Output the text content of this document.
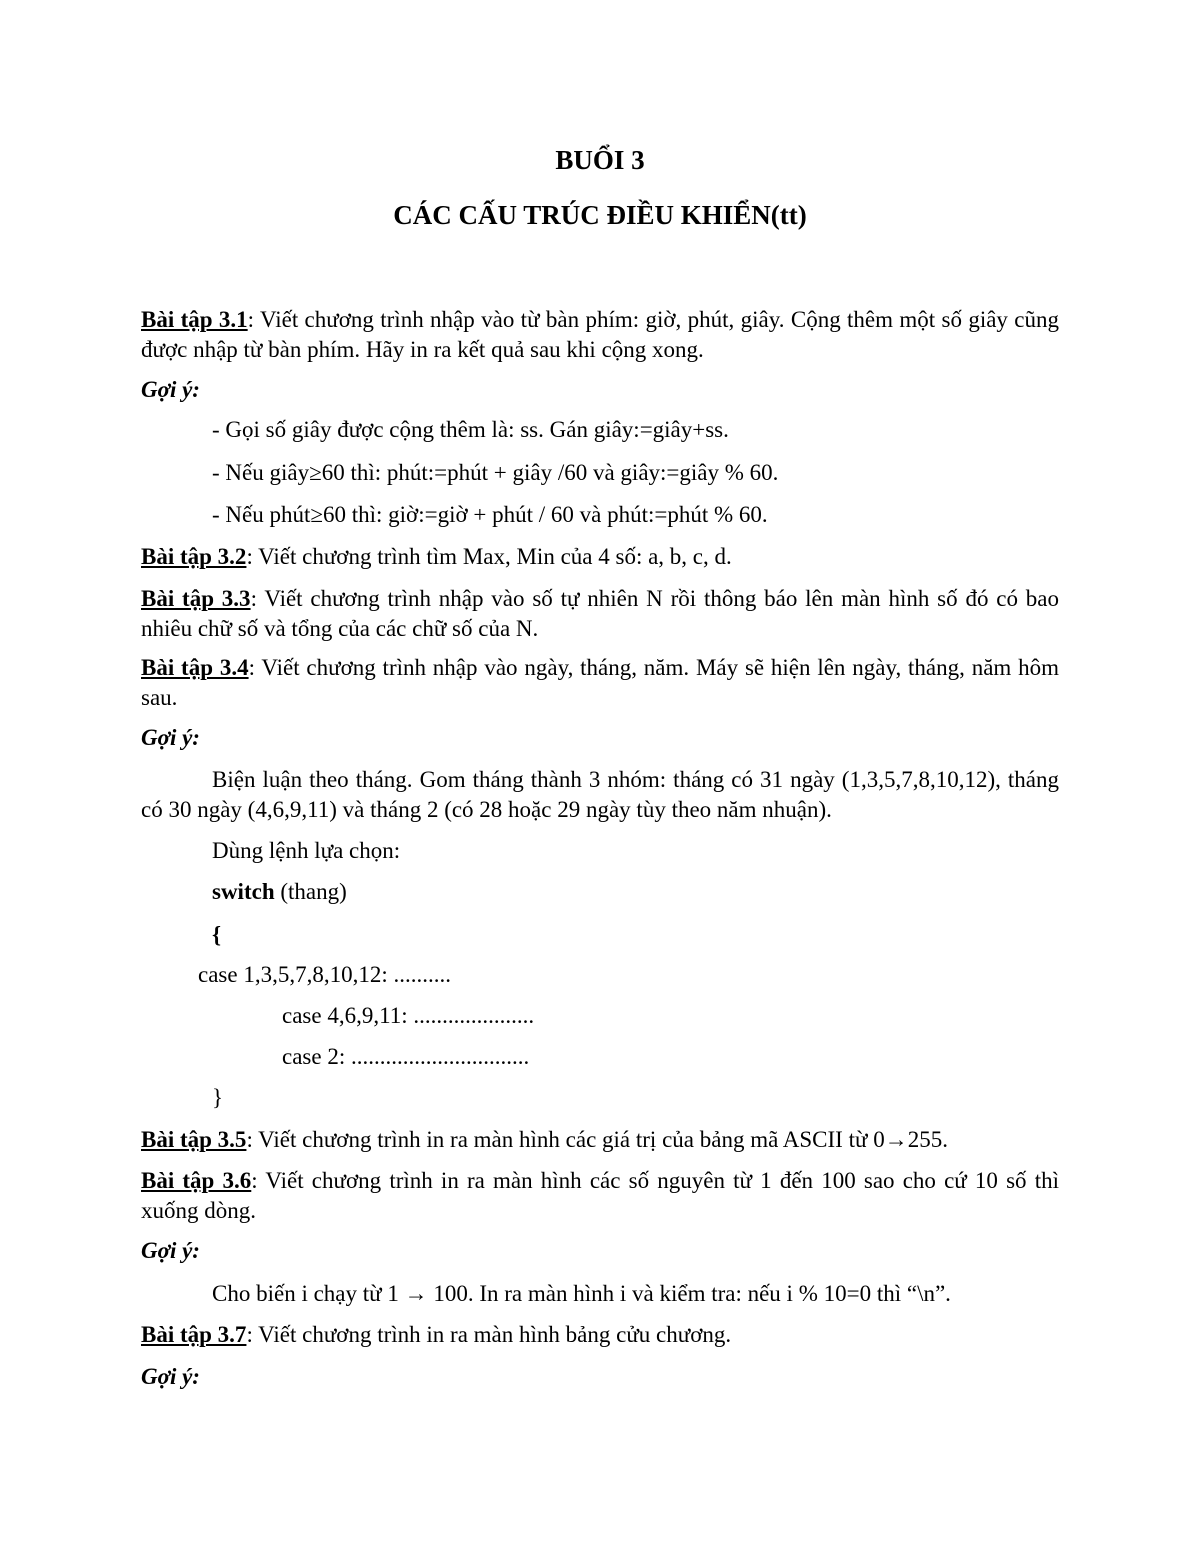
BUỔI 3
CÁC CẤU TRÚC ĐIỀU KHIỂN(tt)

Bài tập 3.1: Viết chương trình nhập vào từ bàn phím: giờ, phút, giây. Cộng thêm một số giây cũng được nhập từ bàn phím. Hãy in ra kết quả sau khi cộng xong.

Gợi ý:

- Gọi số giây được cộng thêm là: ss. Gán giây:=giây+ss.

- Nếu giây≥60 thì: phút:=phút + giây /60 và giây:=giây % 60.

- Nếu phút≥60 thì: giờ:=giờ + phút / 60 và phút:=phút % 60.

Bài tập 3.2: Viết chương trình tìm Max, Min của 4 số: a, b, c, d.

Bài tập 3.3: Viết chương trình nhập vào số tự nhiên N rồi thông báo lên màn hình số đó có bao nhiêu chữ số và tổng của các chữ số của N.

Bài tập 3.4: Viết chương trình nhập vào ngày, tháng, năm. Máy sẽ hiện lên ngày, tháng, năm hôm sau.

Gợi ý:

Biện luận theo tháng. Gom tháng thành 3 nhóm: tháng có 31 ngày (1,3,5,7,8,10,12), tháng có 30 ngày (4,6,9,11) và tháng 2 (có 28 hoặc 29 ngày tùy theo năm nhuận).

Dùng lệnh lựa chọn:

switch (thang)

{

case 1,3,5,7,8,10,12: ..........

case 4,6,9,11: .....................

case 2: ...............................

}

Bài tập 3.5: Viết chương trình in ra màn hình các giá trị của bảng mã ASCII từ 0→255.

Bài tập 3.6: Viết chương trình in ra màn hình các số nguyên từ 1 đến 100 sao cho cứ 10 số thì xuống dòng.

Gợi ý:

Cho biến i chạy từ 1 → 100. In ra màn hình i và kiểm tra: nếu i % 10=0 thì “\n”.

Bài tập 3.7: Viết chương trình in ra màn hình bảng cửu chương.

Gợi ý:
